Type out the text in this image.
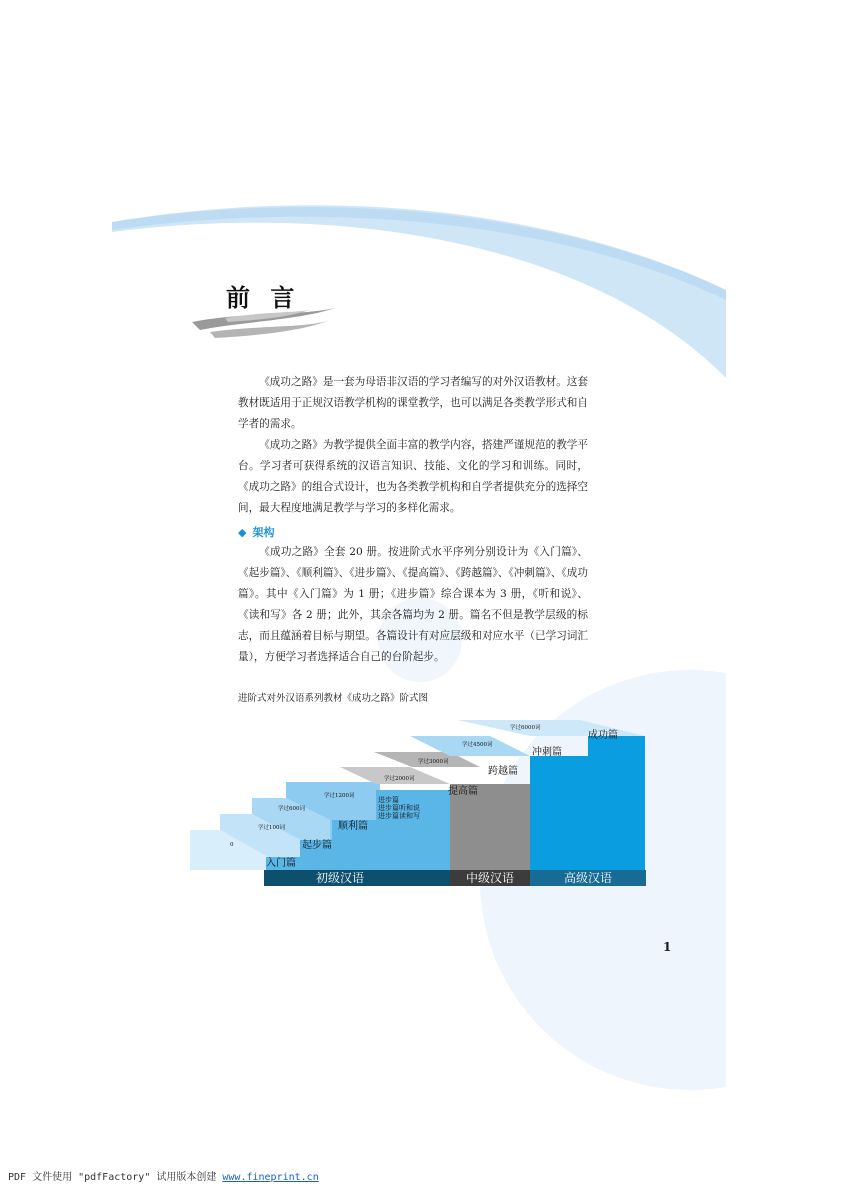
前 言

《成功之路》是一套为母语非汉语的学习者编写的对外汉语教材。这套教材既适用于正规汉语教学机构的课堂教学，也可以满足各类教学形式和自学者的需求。

《成功之路》为教学提供全面丰富的教学内容，搭建严谨规范的教学平台。学习者可获得系统的汉语言知识、技能、文化的学习和训练。同时，《成功之路》的组合式设计，也为各类教学机构和自学者提供充分的选择空间，最大程度地满足教学与学习的多样化需求。

◆ 架构

《成功之路》全套 20 册。按进阶式水平序列分别设计为《入门篇》、《起步篇》、《顺利篇》、《进步篇》、《提高篇》、《跨越篇》、《冲刺篇》、《成功篇》。其中《入门篇》为 1 册；《进步篇》综合课本为 3 册，《听和说》、《读和写》各 2 册；此外，其余各篇均为 2 册。篇名不但是教学层级的标志，而且蕴涵着目标与期望。各篇设计有对应层级和对应水平（已学习词汇量），方便学习者选择适合自己的台阶起步。

进阶式对外汉语系列教材《成功之路》阶式图
初级汉语	中级汉语	高级汉语
入门篇
起步篇
顺利篇
进步篇
进步篇听和说
进步篇读和写
提高篇
跨越篇
冲刺篇
成功篇
0
学过100词
学过600词
学过1200词
学过2000词
学过3000词
学过4500词
学过6000词
1
PDF 文件使用 "pdfFactory" 试用版本创建 www.fineprint.cn
